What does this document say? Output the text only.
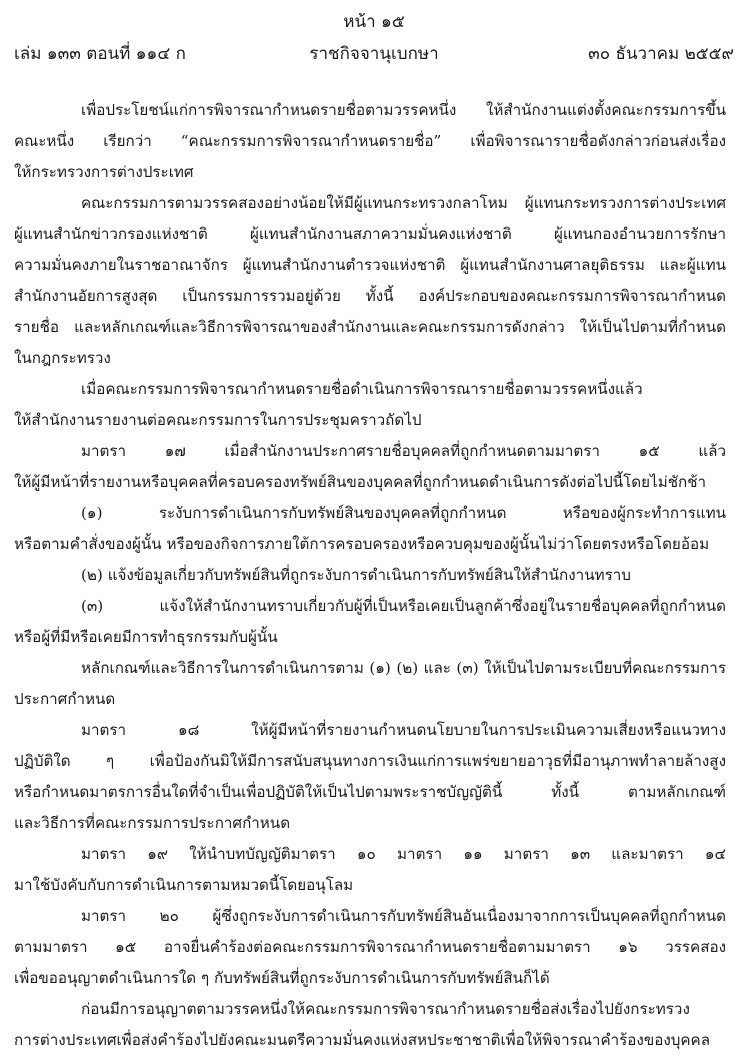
หน้า ๑๕
เล่ม ๑๓๓ ตอนที่ ๑๑๔ ก	ราชกิจจานุเบกษา	๓๐ ธันวาคม ๒๕๕๙
เพื่อประโยชน์แก่การพิจารณากำหนดรายชื่อตามวรรคหนึ่ง ให้สำนักงานแต่งตั้งคณะกรรมการขึ้น
คณะหนึ่ง เรียกว่า “คณะกรรมการพิจารณากำหนดรายชื่อ” เพื่อพิจารณารายชื่อดังกล่าวก่อนส่งเรื่อง
ให้กระทรวงการต่างประเทศ
คณะกรรมการตามวรรคสองอย่างน้อยให้มีผู้แทนกระทรวงกลาโหม ผู้แทนกระทรวงการต่างประเทศ
ผู้แทนสำนักข่าวกรองแห่งชาติ ผู้แทนสำนักงานสภาความมั่นคงแห่งชาติ ผู้แทนกองอำนวยการรักษา
ความมั่นคงภายในราชอาณาจักร ผู้แทนสำนักงานตำรวจแห่งชาติ ผู้แทนสำนักงานศาลยุติธรรม และผู้แทน
สำนักงานอัยการสูงสุด เป็นกรรมการรวมอยู่ด้วย ทั้งนี้ องค์ประกอบของคณะกรรมการพิจารณากำหนด
รายชื่อ และหลักเกณฑ์และวิธีการพิจารณาของสำนักงานและคณะกรรมการดังกล่าว ให้เป็นไปตามที่กำหนด
ในกฎกระทรวง
เมื่อคณะกรรมการพิจารณากำหนดรายชื่อดำเนินการพิจารณารายชื่อตามวรรคหนึ่งแล้ว
ให้สำนักงานรายงานต่อคณะกรรมการในการประชุมคราวถัดไป
มาตรา ๑๗ เมื่อสำนักงานประกาศรายชื่อบุคคลที่ถูกกำหนดตามมาตรา ๑๕ แล้ว
ให้ผู้มีหน้าที่รายงานหรือบุคคลที่ครอบครองทรัพย์สินของบุคคลที่ถูกกำหนดดำเนินการดังต่อไปนี้โดยไม่ชักช้า
(๑) ระงับการดำเนินการกับทรัพย์สินของบุคคลที่ถูกกำหนด หรือของผู้กระทำการแทน
หรือตามคำสั่งของผู้นั้น หรือของกิจการภายใต้การครอบครองหรือควบคุมของผู้นั้นไม่ว่าโดยตรงหรือโดยอ้อม
(๒) แจ้งข้อมูลเกี่ยวกับทรัพย์สินที่ถูกระงับการดำเนินการกับทรัพย์สินให้สำนักงานทราบ
(๓) แจ้งให้สำนักงานทราบเกี่ยวกับผู้ที่เป็นหรือเคยเป็นลูกค้าซึ่งอยู่ในรายชื่อบุคคลที่ถูกกำหนด
หรือผู้ที่มีหรือเคยมีการทำธุรกรรมกับผู้นั้น
หลักเกณฑ์และวิธีการในการดำเนินการตาม (๑) (๒) และ (๓) ให้เป็นไปตามระเบียบที่คณะกรรมการ
ประกาศกำหนด
มาตรา ๑๘ ให้ผู้มีหน้าที่รายงานกำหนดนโยบายในการประเมินความเสี่ยงหรือแนวทาง
ปฏิบัติใด ๆ เพื่อป้องกันมิให้มีการสนับสนุนทางการเงินแก่การแพร่ขยายอาวุธที่มีอานุภาพทำลายล้างสูง
หรือกำหนดมาตรการอื่นใดที่จำเป็นเพื่อปฏิบัติให้เป็นไปตามพระราชบัญญัตินี้ ทั้งนี้ ตามหลักเกณฑ์
และวิธีการที่คณะกรรมการประกาศกำหนด
มาตรา ๑๙ ให้นำบทบัญญัติมาตรา ๑๐ มาตรา ๑๑ มาตรา ๑๓ และมาตรา ๑๔
มาใช้บังคับกับการดำเนินการตามหมวดนี้โดยอนุโลม
มาตรา ๒๐ ผู้ซึ่งถูกระงับการดำเนินการกับทรัพย์สินอันเนื่องมาจากการเป็นบุคคลที่ถูกกำหนด
ตามมาตรา ๑๕ อาจยื่นคำร้องต่อคณะกรรมการพิจารณากำหนดรายชื่อตามมาตรา ๑๖ วรรคสอง
เพื่อขออนุญาตดำเนินการใด ๆ กับทรัพย์สินที่ถูกระงับการดำเนินการกับทรัพย์สินก็ได้
ก่อนมีการอนุญาตตามวรรคหนึ่งให้คณะกรรมการพิจารณากำหนดรายชื่อส่งเรื่องไปยังกระทรวง
การต่างประเทศเพื่อส่งคำร้องไปยังคณะมนตรีความมั่นคงแห่งสหประชาชาติเพื่อให้พิจารณาคำร้องของบุคคล
